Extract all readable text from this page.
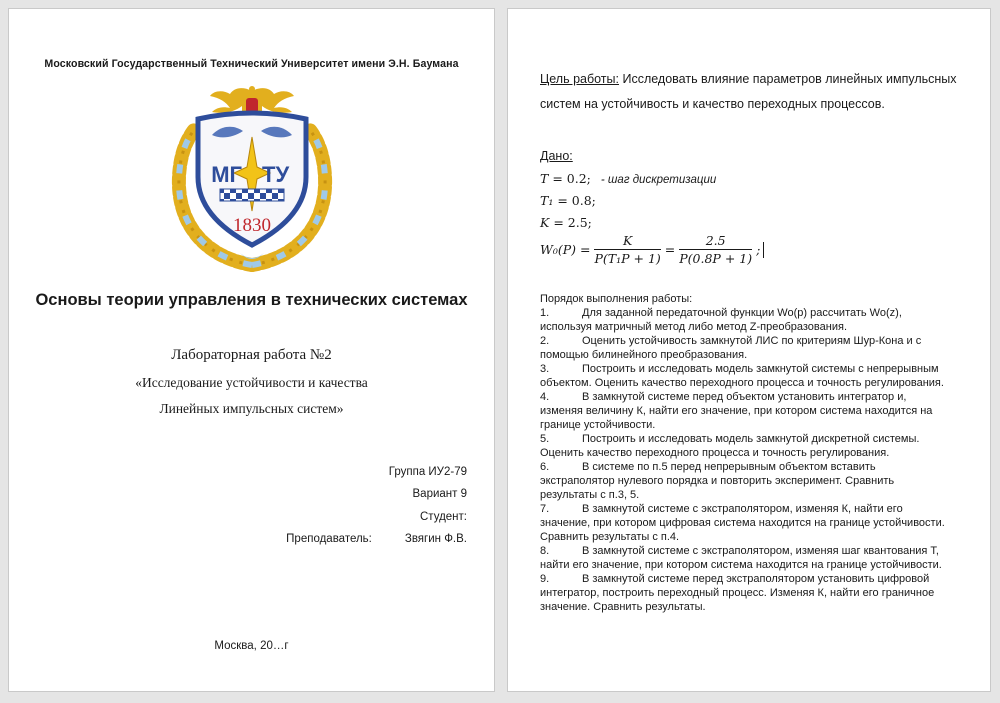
Московский Государственный Технический Университет имени Э.Н. Баумана
МГ ТУ
1830
Основы теории управления в технических системах
Лабораторная работа №2
«Исследование устойчивости и качества
Линейных импульсных систем»
Группа ИУ2-79
Вариант 9
Студент:
Преподаватель:	Звягин Ф.В.
Москва, 20…г

Цель работы: Исследовать влияние параметров линейных импульсных систем на устойчивость и качество переходных процессов.

Дано:

T = 0.2; - шаг дискретизации
T₁ = 0.8;
K = 2.5;
$W_0(P) = \frac{K}{\text{P(T₁P + 1)}} = \frac{2.5}{P(0.8P + 1)}$ ;

Порядок выполнения работы:

1.	Для заданной передаточной функции Wo(p) рассчитать Wo(z), используя матричный метод либо метод Z-преобразования.

2.	Оценить устойчивость замкнутой ЛИС по критериям Шур-Кона и с помощью билинейного преобразования.

3.	Построить и исследовать модель замкнутой системы с непрерывным объектом. Оценить качество переходного процесса и точность регулирования.

4.	В замкнутой системе перед объектом установить интегратор и, изменяя величину К, найти его значение, при котором система находится на границе устойчивости.

5.	Построить и исследовать модель замкнутой дискретной системы. Оценить качество переходного процесса и точность регулирования.

6.	В системе по п.5 перед непрерывным объектом вставить экстраполятор нулевого порядка и повторить эксперимент. Сравнить результаты с п.3, 5.

7.	В замкнутой системе с экстраполятором, изменяя К, найти его значение, при котором цифровая система находится на границе устойчивости. Сравнить результаты с п.4.

8.	В замкнутой системе с экстраполятором, изменяя шаг квантования Т, найти его значение, при котором система находится на границе устойчивости.

9.	В замкнутой системе перед экстраполятором установить цифровой интегратор, построить переходный процесс. Изменяя К, найти его граничное значение. Сравнить результаты.
